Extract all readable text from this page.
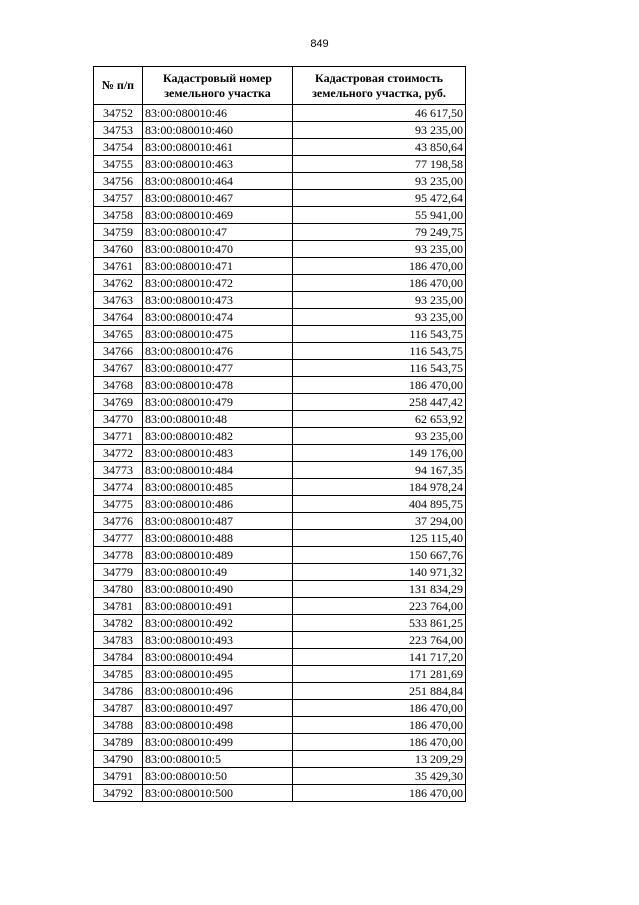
849
№ п/п	Кадастровый номер земельного участка	Кадастровая стоимость земельного участка, руб.
34752	83:00:080010:46	46 617,50
34753	83:00:080010:460	93 235,00
34754	83:00:080010:461	43 850,64
34755	83:00:080010:463	77 198,58
34756	83:00:080010:464	93 235,00
34757	83:00:080010:467	95 472,64
34758	83:00:080010:469	55 941,00
34759	83:00:080010:47	79 249,75
34760	83:00:080010:470	93 235,00
34761	83:00:080010:471	186 470,00
34762	83:00:080010:472	186 470,00
34763	83:00:080010:473	93 235,00
34764	83:00:080010:474	93 235,00
34765	83:00:080010:475	116 543,75
34766	83:00:080010:476	116 543,75
34767	83:00:080010:477	116 543,75
34768	83:00:080010:478	186 470,00
34769	83:00:080010:479	258 447,42
34770	83:00:080010:48	62 653,92
34771	83:00:080010:482	93 235,00
34772	83:00:080010:483	149 176,00
34773	83:00:080010:484	94 167,35
34774	83:00:080010:485	184 978,24
34775	83:00:080010:486	404 895,75
34776	83:00:080010:487	37 294,00
34777	83:00:080010:488	125 115,40
34778	83:00:080010:489	150 667,76
34779	83:00:080010:49	140 971,32
34780	83:00:080010:490	131 834,29
34781	83:00:080010:491	223 764,00
34782	83:00:080010:492	533 861,25
34783	83:00:080010:493	223 764,00
34784	83:00:080010:494	141 717,20
34785	83:00:080010:495	171 281,69
34786	83:00:080010:496	251 884,84
34787	83:00:080010:497	186 470,00
34788	83:00:080010:498	186 470,00
34789	83:00:080010:499	186 470,00
34790	83:00:080010:5	13 209,29
34791	83:00:080010:50	35 429,30
34792	83:00:080010:500	186 470,00
